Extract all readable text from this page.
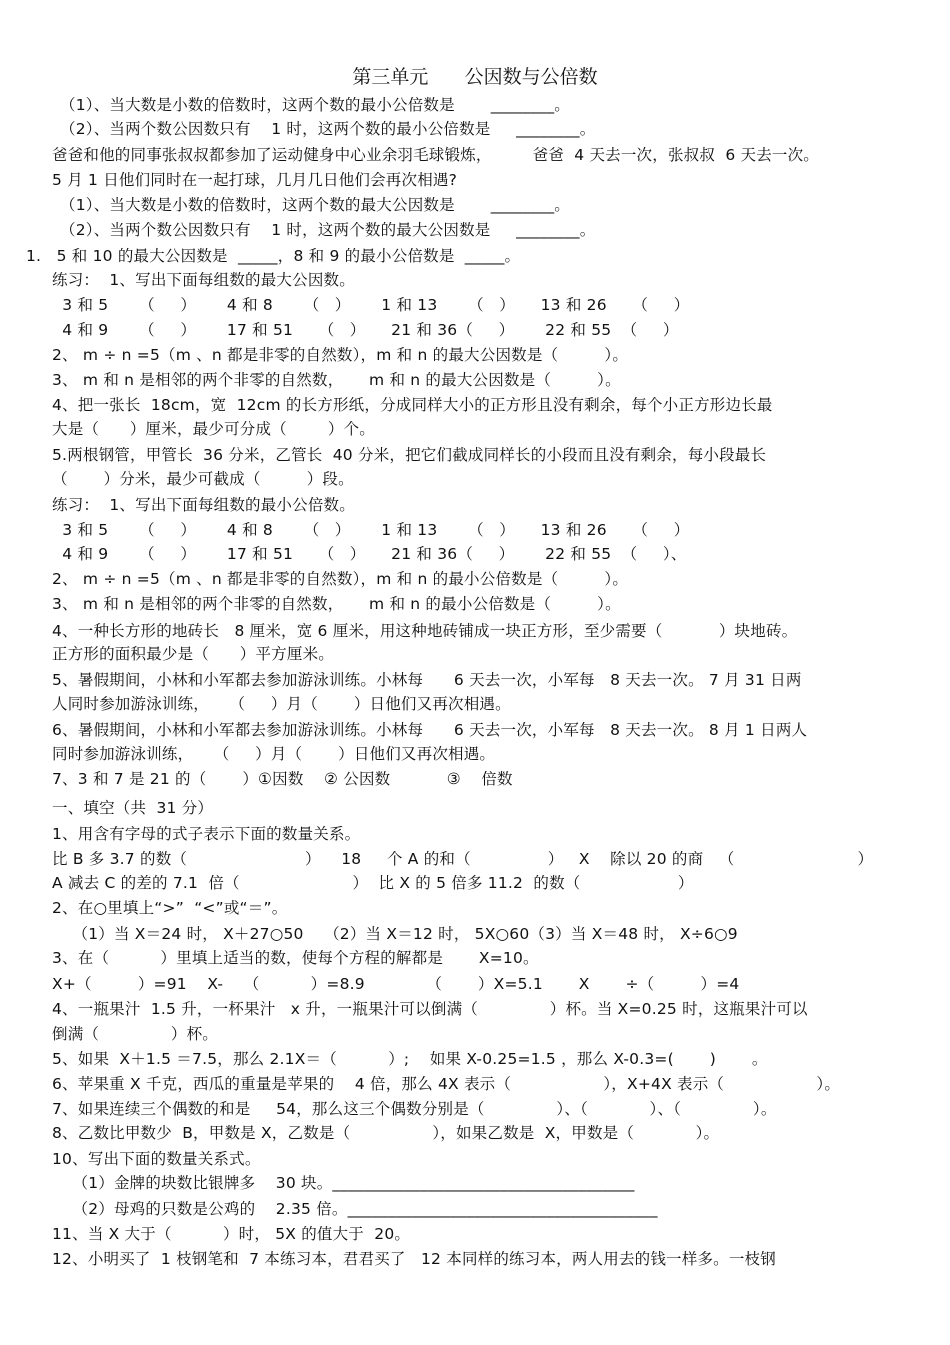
第三单元      公因数与公倍数
（1）、当大数是小数的倍数时，这两个数的最小公倍数是       ________。
（2）、当两个数公因数只有    1 时，这两个数的最小公倍数是     ________。
爸爸和他的同事张叔叔都参加了运动健身中心业余羽毛球锻炼，        爸爸  4 天去一次，张叔叔  6 天去一次。
5 月 1 日他们同时在一起打球，几月几日他们会再次相遇?
（1）、当大数是小数的倍数时，这两个数的最大公因数是       ________。
（2）、当两个数公因数只有    1 时，这两个数的最大公因数是     ________。
1.   5 和 10 的最大公因数是  _____，8 和 9 的最小公倍数是  _____。
练习：  1、写出下面每组数的最大公因数。
3 和 5      （     ）      4 和 8      （   ）      1 和 13      （   ）     13 和 26     （     ）
4 和 9      （     ）      17 和 51     （   ）     21 和 36（     ）      22 和 55  （     ）
2、 m ÷ n =5（m 、n 都是非零的自然数），m 和 n 的最大公因数是（         ）。
3、 m 和 n 是相邻的两个非零的自然数，     m 和 n 的最大公因数是（         ）。
4、把一张长  18cm，宽  12cm 的长方形纸，分成同样大小的正方形且没有剩余，每个小正方形边长最
大是（      ）厘米，最少可分成（        ）个。
5.两根钢管，甲管长  36 分米，乙管长  40 分米，把它们截成同样长的小段而且没有剩余，每小段最长
（       ）分米，最少可截成（         ）段。
练习：  1、写出下面每组数的最小公倍数。
3 和 5      （     ）      4 和 8      （   ）      1 和 13      （   ）     13 和 26     （     ）
4 和 9      （     ）      17 和 51     （   ）     21 和 36（     ）      22 和 55  （     ）、
2、 m ÷ n =5（m 、n 都是非零的自然数），m 和 n 的最小公倍数是（         ）。
3、 m 和 n 是相邻的两个非零的自然数，     m 和 n 的最小公倍数是（         ）。
4、一种长方形的地砖长   8 厘米，宽 6 厘米，用这种地砖铺成一块正方形，至少需要（           ）块地砖。
正方形的面积最少是（      ）平方厘米。
5、暑假期间，小林和小军都去参加游泳训练。小林每      6 天去一次，小军每   8 天去一次。 7 月 31 日两
人同时参加游泳训练，    （     ）月（       ）日他们又再次相遇。
6、暑假期间，小林和小军都去参加游泳训练。小林每      6 天去一次，小军每   8 天去一次。 8 月 1 日两人
同时参加游泳训练，    （     ）月（       ）日他们又再次相遇。
7、3 和 7 是 21 的（       ）①因数    ② 公因数           ③    倍数
一、填空（共  31 分）
1、用含有字母的式子表示下面的数量关系。
比 B 多 3.7 的数（                       ）    18     个 A 的和（               ）   X    除以 20 的商   （                        ）
A 减去 C 的差的 7.1  倍（                      ）  比 X 的 5 倍多 11.2  的数（                   ）
2、在○里填上“>”  “<”或“＝”。
（1）当 X＝24 时， X＋27○50    （2）当 X＝12 时， 5X○60（3）当 X＝48 时， X÷6○9
3、在（          ）里填上适当的数，使每个方程的解都是       X=10。
X+（         ）=91    X-    （          ）=8.9            （       ）X=5.1       X       ÷（         ）=4
4、一瓶果汁  1.5 升，一杯果汁   x 升，一瓶果汁可以倒满（              ）杯。当 X=0.25 时，这瓶果汁可以
倒满（              ）杯。
5、如果  X＋1.5 ＝7.5，那么 2.1X＝（          ）;    如果 X-0.25=1.5 ，那么 X-0.3=(       )       。
6、苹果重 X 千克，西瓜的重量是苹果的    4 倍，那么 4X 表示（                  ），X+4X 表示（                  ）。
7、如果连续三个偶数的和是     54，那么这三个偶数分别是（              ）、（            ）、（              ）。
8、乙数比甲数少  B，甲数是 X，乙数是（                ），如果乙数是  X，甲数是（            ）。
10、写出下面的数量关系式。
（1）金牌的块数比银牌多    30 块。______________________________________
（2）母鸡的只数是公鸡的    2.35 倍。_______________________________________
11、当 X 大于（          ）时， 5X 的值大于  20。
12、小明买了  1 枝钢笔和  7 本练习本，君君买了   12 本同样的练习本，两人用去的钱一样多。一枝钢
